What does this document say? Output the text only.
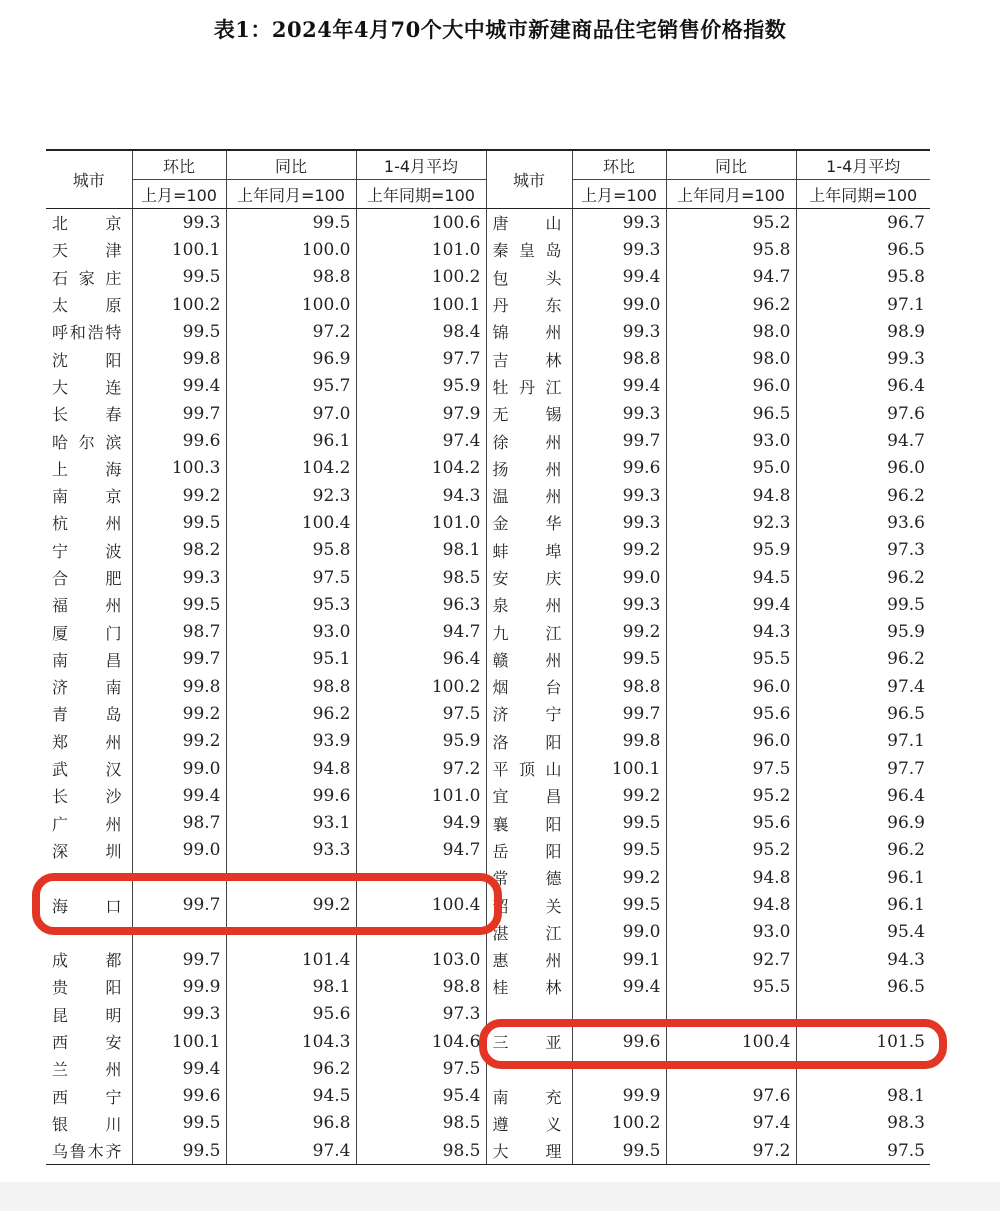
表1：2024年4月70个大中城市新建商品住宅销售价格指数
城市	环比	同比	1-4月平均	城市	环比	同比	1-4月平均
	上月=100	上年同月=100	上年同期=100		上月=100	上年同月=100	上年同期=100
北京	99.3	99.5	100.6	唐山	99.3	95.2	96.7
天津	100.1	100.0	101.0	秦皇岛	99.3	95.8	96.5
石家庄	99.5	98.8	100.2	包头	99.4	94.7	95.8
太原	100.2	100.0	100.1	丹东	99.0	96.2	97.1
呼和浩特	99.5	97.2	98.4	锦州	99.3	98.0	98.9
沈阳	99.8	96.9	97.7	吉林	98.8	98.0	99.3
大连	99.4	95.7	95.9	牡丹江	99.4	96.0	96.4
长春	99.7	97.0	97.9	无锡	99.3	96.5	97.6
哈尔滨	99.6	96.1	97.4	徐州	99.7	93.0	94.7
上海	100.3	104.2	104.2	扬州	99.6	95.0	96.0
南京	99.2	92.3	94.3	温州	99.3	94.8	96.2
杭州	99.5	100.4	101.0	金华	99.3	92.3	93.6
宁波	98.2	95.8	98.1	蚌埠	99.2	95.9	97.3
合肥	99.3	97.5	98.5	安庆	99.0	94.5	96.2
福州	99.5	95.3	96.3	泉州	99.3	99.4	99.5
厦门	98.7	93.0	94.7	九江	99.2	94.3	95.9
南昌	99.7	95.1	96.4	赣州	99.5	95.5	96.2
济南	99.8	98.8	100.2	烟台	98.8	96.0	97.4
青岛	99.2	96.2	97.5	济宁	99.7	95.6	96.5
郑州	99.2	93.9	95.9	洛阳	99.8	96.0	97.1
武汉	99.0	94.8	97.2	平顶山	100.1	97.5	97.7
长沙	99.4	99.6	101.0	宜昌	99.2	95.2	96.4
广州	98.7	93.1	94.9	襄阳	99.5	95.6	96.9
深圳	99.0	93.3	94.7	岳阳	99.5	95.2	96.2
				常德	99.2	94.8	96.1
海口	99.7	99.2	100.4	韶关	99.5	94.8	96.1
				湛江	99.0	93.0	95.4
成都	99.7	101.4	103.0	惠州	99.1	92.7	94.3
贵阳	99.9	98.1	98.8	桂林	99.4	95.5	96.5
昆明	99.3	95.6	97.3				
西安	100.1	104.3	104.6	三亚	99.6	100.4	101.5
兰州	99.4	96.2	97.5				
西宁	99.6	94.5	95.4	南充	99.9	97.6	98.1
银川	99.5	96.8	98.5	遵义	100.2	97.4	98.3
乌鲁木齐	99.5	97.4	98.5	大理	99.5	97.2	97.5
